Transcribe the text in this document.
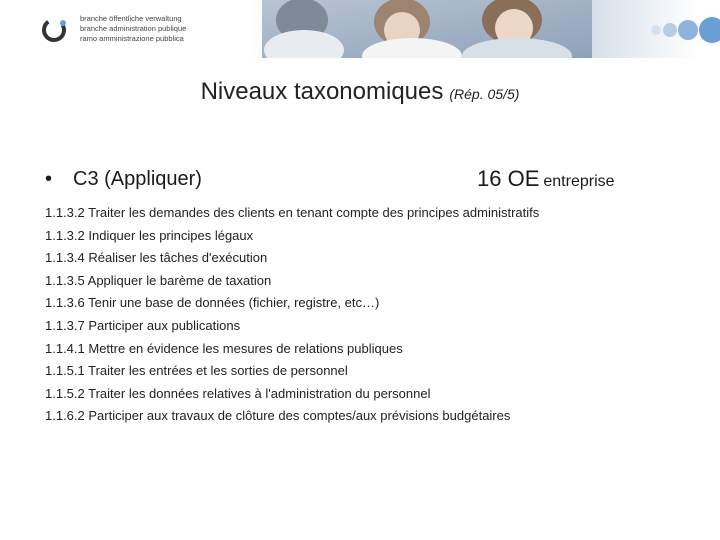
branche öffentliche verwaltung
branche administration publique
ramo amministrazione pubblica
Niveaux taxonomiques (Rép. 05/5)
• C3 (Appliquer)	16 OE entreprise
1.1.3.2 Traiter les demandes des clients en tenant compte des principes administratifs
1.1.3.2 Indiquer les principes légaux
1.1.3.4 Réaliser les tâches d'exécution
1.1.3.5 Appliquer le barème de taxation
1.1.3.6 Tenir une base de données (fichier, registre, etc…)
1.1.3.7 Participer aux publications
1.1.4.1 Mettre en évidence les mesures de relations publiques
1.1.5.1 Traiter les entrées et les sorties de personnel
1.1.5.2 Traiter les données relatives à l'administration du personnel
1.1.6.2 Participer aux travaux de clôture des comptes/aux prévisions budgétaires
